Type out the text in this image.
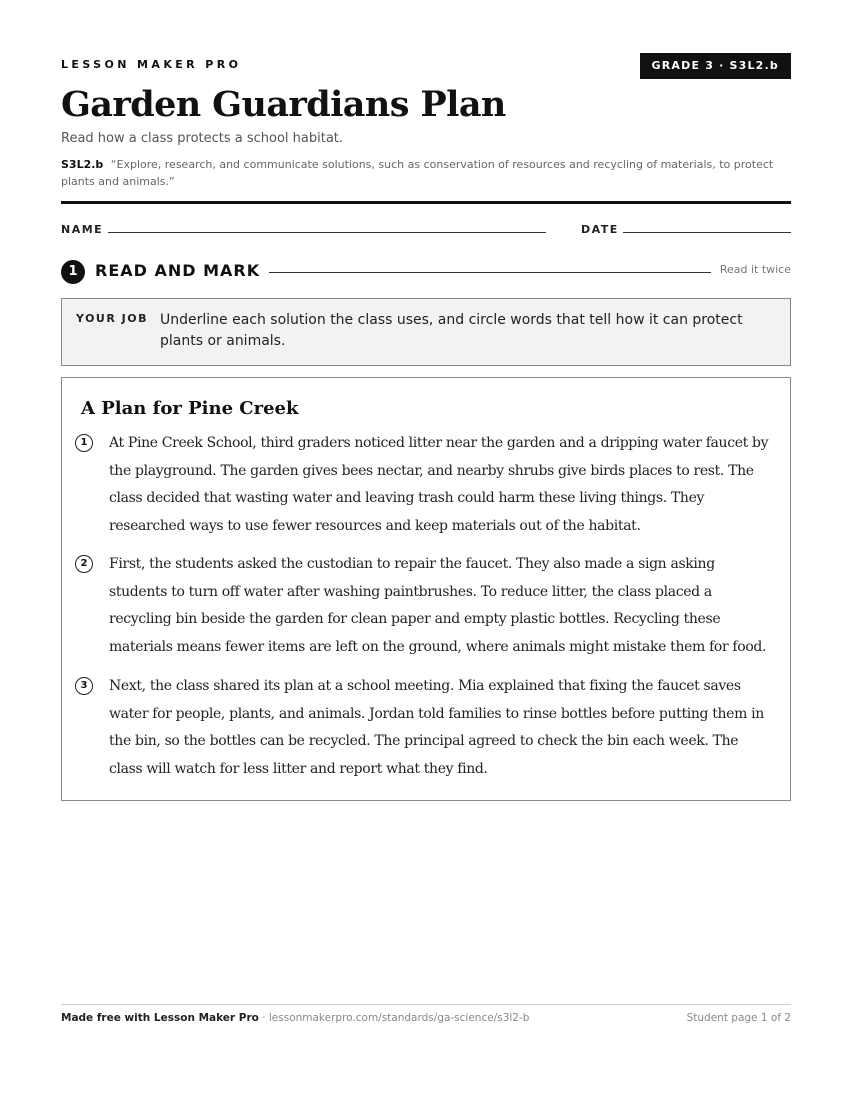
LESSON MAKER PRO	GRADE 3 · S3L2.b
Garden Guardians Plan
Read how a class protects a school habitat.
S3L2.b “Explore, research, and communicate solutions, such as conservation of resources and recycling of materials, to protect plants and animals.”
NAME	DATE
1	READ AND MARK	Read it twice
YOUR JOB Underline each solution the class uses, and circle words that tell how it can protect plants or animals.
A Plan for Pine Creek
1	At Pine Creek School, third graders noticed litter near the garden and a dripping water faucet by the playground. The garden gives bees nectar, and nearby shrubs give birds places to rest. The class decided that wasting water and leaving trash could harm these living things. They researched ways to use fewer resources and keep materials out of the habitat.
2	First, the students asked the custodian to repair the faucet. They also made a sign asking students to turn off water after washing paintbrushes. To reduce litter, the class placed a recycling bin beside the garden for clean paper and empty plastic bottles. Recycling these materials means fewer items are left on the ground, where animals might mistake them for food.
3	Next, the class shared its plan at a school meeting. Mia explained that fixing the faucet saves water for people, plants, and animals. Jordan told families to rinse bottles before putting them in the bin, so the bottles can be recycled. The principal agreed to check the bin each week. The class will watch for less litter and report what they find.
Made free with Lesson Maker Pro · lessonmakerpro.com/standards/ga-science/s3l2-b	Student page 1 of 2
